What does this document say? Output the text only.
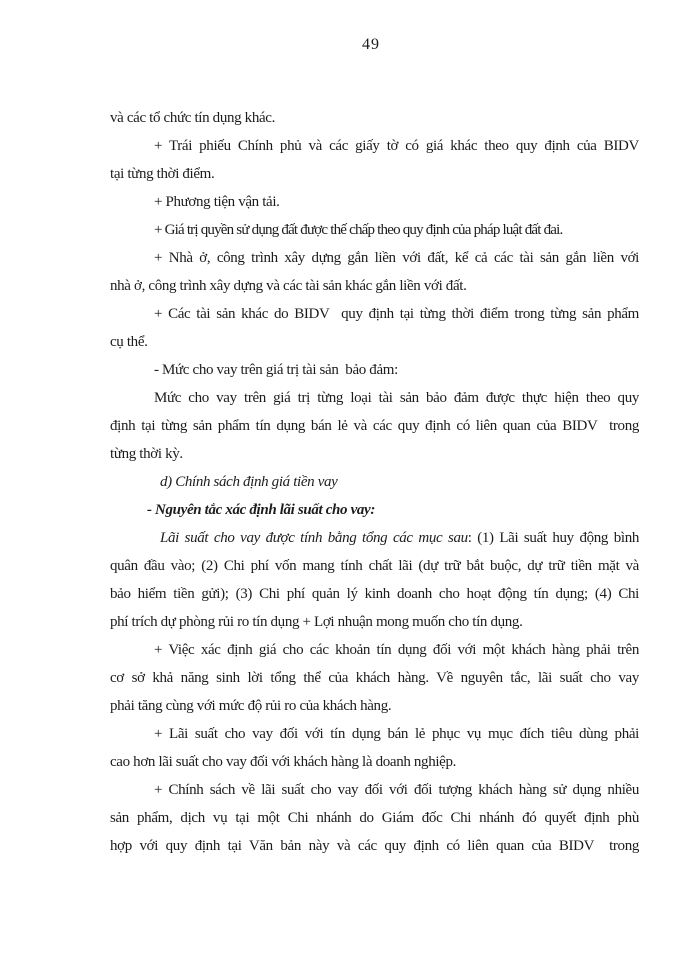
49
và các tổ chức tín dụng khác.
+ Trái phiếu Chính phủ và các giấy tờ có giá khác theo quy định của BIDV
tại từng thời điểm.
+ Phương tiện vận tải.
+ Giá trị quyền sử dụng đất được thế chấp theo quy định của pháp luật đất đai.
+ Nhà ở, công trình xây dựng gắn liền với đất, kể cả các tài sản gắn liền với
nhà ở, công trình xây dựng và các tài sản khác gắn liền với đất.
+ Các tài sản khác do BIDV  quy định tại từng thời điểm trong từng sản phẩm
cụ thể.
- Mức cho vay trên giá trị tài sản  bảo đảm:
Mức cho vay trên giá trị từng loại tài sản bảo đảm được thực hiện theo quy
định tại từng sản phẩm tín dụng bán lẻ và các quy định có liên quan của BIDV  trong
từng thời kỳ.
d) Chính sách định giá tiền vay
- Nguyên tắc xác định lãi suất cho vay:
Lãi suất cho vay được tính bằng tổng các mục sau: (1) Lãi suất huy động bình
quân đầu vào; (2) Chi phí vốn mang tính chất lãi (dự trữ bắt buộc, dự trữ tiền mặt và
bảo hiểm tiền gửi); (3) Chi phí quản lý kinh doanh cho hoạt động tín dụng; (4) Chi
phí trích dự phòng rủi ro tín dụng + Lợi nhuận mong muốn cho tín dụng.
+ Việc xác định giá cho các khoản tín dụng đối với một khách hàng phải trên
cơ sở khả năng sinh lời tổng thể của khách hàng. Về nguyên tắc, lãi suất cho vay
phải tăng cùng với mức độ rủi ro của khách hàng.
+ Lãi suất cho vay đối với tín dụng bán lẻ phục vụ mục đích tiêu dùng phải
cao hơn lãi suất cho vay đối với khách hàng là doanh nghiệp.
+ Chính sách về lãi suất cho vay đối với đối tượng khách hàng sử dụng nhiều
sản phẩm, dịch vụ tại một Chi nhánh do Giám đốc Chi nhánh đó quyết định phù
hợp với quy định tại Văn bản này và các quy định có liên quan của BIDV  trong
